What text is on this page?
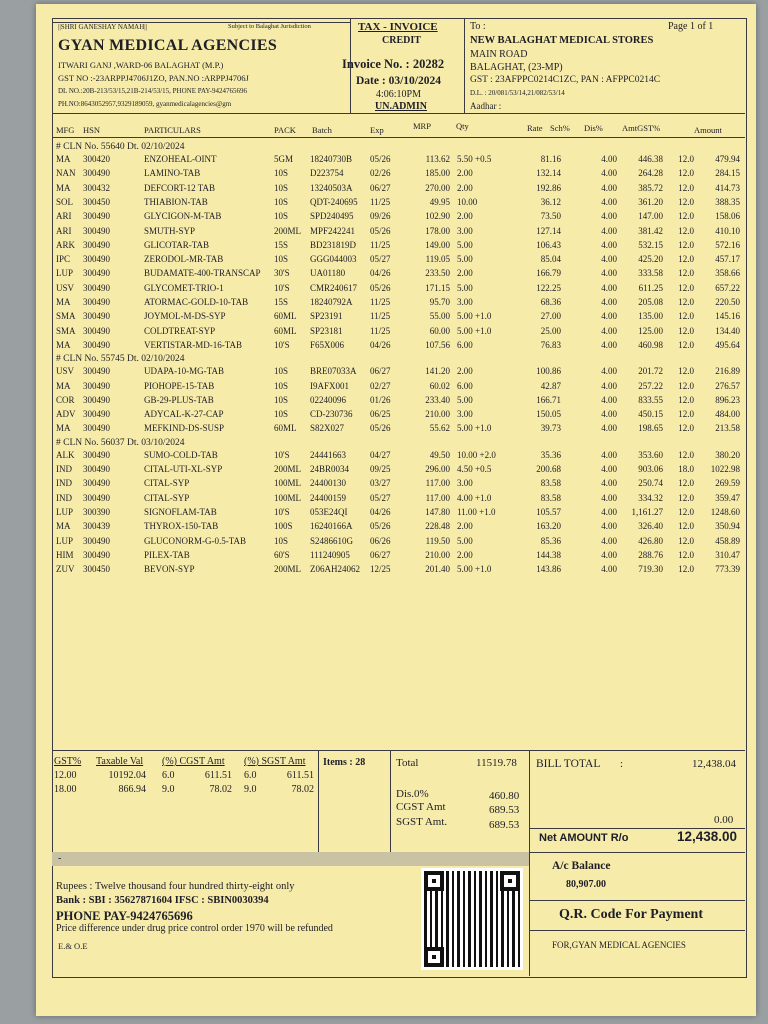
||SHRI GANESHAY NAMAH||	Subject to Balaghat Jurisdiction
GYAN MEDICAL AGENCIES
ITWARI GANJ ,WARD-06 BALAGHAT (M.P.)
GST NO :-23ARPPJ4706J1ZO, PAN.NO :ARPPJ4706J
DL NO.:20B-213/53/15,21B-214/53/15, PHONE PAY-9424765696
PH.NO:8643052957,9329189059, gyanmedicalagencies@gm
TAX - INVOICE
CREDIT
Invoice No. : 20282
Date : 03/10/2024
4:06:10PM
UN.ADMIN
To :	Page 1 of 1
NEW BALAGHAT MEDICAL STORES
MAIN ROAD
BALAGHAT, (23-MP)
GST : 23AFPPC0214C1ZC, PAN : AFPPC0214C
D.L. : 20/081/53/14,21/082/53/14
Aadhar :
MFG HSN	PARTICULARS	PACK Batch	Exp	MRP	Qty	Rate Sch% Dis% AmtGST%	Amount
# CLN No. 55640 Dt. 02/10/2024
MA 300420	ENZOHEAL-OINT	5GM 18240730B 05/26	113.62 5.50 +0.5	81.16	4.00	446.38	12.0	479.94
NAN 300490	LAMINO-TAB	10S D223754	02/26	185.00 2.00	132.14	4.00	264.28	12.0	284.15
MA 300432	DEFCORT-12 TAB	10S 13240503A 06/27	270.00 2.00	192.86	4.00	385.72	12.0	414.73
SOL 300450	THIABION-TAB	10S QDT-240695 11/25	49.95 10.00	36.12	4.00	361.20	12.0	388.35
ARI 300490	GLYCIGON-M-TAB	10S SPD240495 09/26	102.90 2.00	73.50	4.00	147.00	12.0	158.06
ARI 300490	SMUTH-SYP	200ML MPF242241 05/26	178.00 3.00	127.14	4.00	381.42	12.0	410.10
ARK 300490	GLICOTAR-TAB	15S BD231819D 11/25	149.00 5.00	106.43	4.00	532.15	12.0	572.16
IPC 300490	ZERODOL-MR-TAB	10S GGG044003 05/27	119.05 5.00	85.04	4.00	425.20	12.0	457.17
LUP 300490	BUDAMATE-400-TRANSCAP 30'S UA01180	04/26	233.50 2.00	166.79	4.00	333.58	12.0	358.66
USV 300490	GLYCOMET-TRIO-1	10'S CMR240617 05/26	171.15 5.00	122.25	4.00	611.25	12.0	657.22
MA 300490	ATORMAC-GOLD-10-TAB	15S 18240792A 11/25	95.70 3.00	68.36	4.00	205.08	12.0	220.50
SMA 300490	JOYMOL-M-DS-SYP	60ML SP23191	11/25	55.00 5.00 +1.0	27.00	4.00	135.00	12.0	145.16
SMA 300490	COLDTREAT-SYP	60ML SP23181	11/25	60.00 5.00 +1.0	25.00	4.00	125.00	12.0	134.40
MA 300490	VERTISTAR-MD-16-TAB	10'S F65X006	04/26	107.56 6.00	76.83	4.00	460.98	12.0	495.64
# CLN No. 55745 Dt. 02/10/2024
USV 300490	UDAPA-10-MG-TAB	10S BRE07033A 06/27	141.20 2.00	100.86	4.00	201.72	12.0	216.89
MA 300490	PIOHOPE-15-TAB	10S I9AFX001 02/27	60.02 6.00	42.87	4.00	257.22	12.0	276.57
COR 300490	GB-29-PLUS-TAB	10S 02240096	01/26	233.40 5.00	166.71	4.00	833.55	12.0	896.23
ADV 300490	ADYCAL-K-27-CAP	10S CD-230736 06/25	210.00 3.00	150.05	4.00	450.15	12.0	484.00
MA 300490	MEFKIND-DS-SUSP	60ML S82X027	05/26	55.62 5.00 +1.0	39.73	4.00	198.65	12.0	213.58
# CLN No. 56037 Dt. 03/10/2024
ALK 300490	SUMO-COLD-TAB	10'S 24441663	04/27	49.50 10.00 +2.0	35.36	4.00	353.60	12.0	380.20
IND 300490	CITAL-UTI-XL-SYP	200ML 24BR0034 09/25	296.00 4.50 +0.5	200.68	4.00	903.06	18.0	1022.98
IND 300490	CITAL-SYP	100ML 24400130	03/27	117.00 3.00	83.58	4.00	250.74	12.0	269.59
IND 300490	CITAL-SYP	100ML 24400159	05/27	117.00 4.00 +1.0	83.58	4.00	334.32	12.0	359.47
LUP 300390	SIGNOFLAM-TAB	10'S 053E24QI	04/26	147.80 11.00 +1.0	105.57	4.00	1,161.27	12.0	1248.60
MA 300439	THYROX-150-TAB	100S 16240166A 05/26	228.48 2.00	163.20	4.00	326.40	12.0	350.94
LUP 300490	GLUCONORM-G-0.5-TAB	10S S2486610G 06/26	119.50 5.00	85.36	4.00	426.80	12.0	458.89
HIM 300490	PILEX-TAB	60'S 111240905 06/27	210.00 2.00	144.38	4.00	288.76	12.0	310.47
ZUV 300450	BEVON-SYP	200ML Z06AH24062 12/25	201.40 5.00 +1.0	143.86	4.00	719.30	12.0	773.39
GST% Taxable Val (%) CGST Amt (%) SGST Amt Items : 28	Total	11519.78
Dis.0%	460.80
CGST Amt	689.53
SGST Amt.	689.53
BILL TOTAL :	12,438.04
0.00
Net AMOUNT R/o	12,438.00
-
Rupees : Twelve thousand four hundred thirty-eight only
Bank : SBI : 35627871604 IFSC : SBIN0030394
PHONE PAY-9424765696
Price difference under drug price control order 1970 will be refunded
E.& O.E
A/c Balance
80,907.00
Q.R. Code For Payment
FOR,GYAN MEDICAL AGENCIES
12.00	10192.04 6.0	611.51 6.0	611.51
18.00	866.94 9.0	78.02 9.0	78.02
